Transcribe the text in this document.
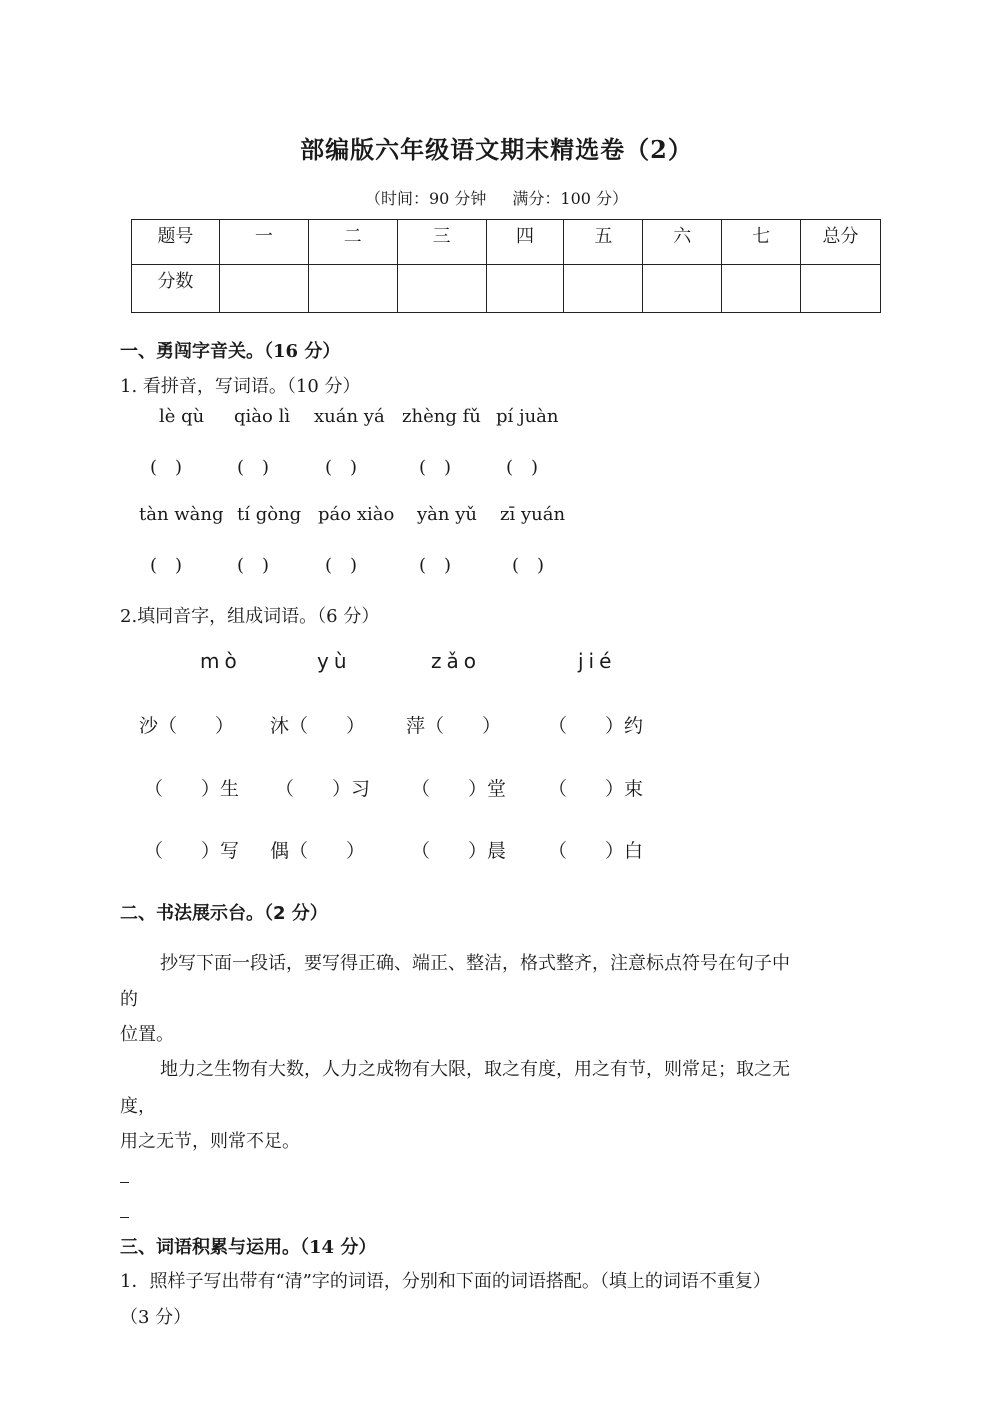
部编版六年级语文期末精选卷（2）
（时间：90 分钟 满分：100 分）
题号	一	二	三	四	五	六	七	总分
分数								
一、勇闯字音关。（16 分）
1. 看拼音，写词语。（10 分）
lè qù qiào lì xuán yá zhèng fǔ pí juàn
(　)	(　)	(　)	(　)	(　)
tàn wàng tí gòng páo xiào yàn yǔ zī yuán
(　)	(　)	(　)	(　)	(　)
2.填同音字，组成词语。（6 分）
mò	yù	zǎo	jié
沙（　　） 沐（　　） 萍（　　） （　　）约
（　　）生 （　　）习 （　　）堂 （　　）束
（　　）写 偶（　　） （　　）晨 （　　）白
二、书法展示台。（2 分）
抄写下面一段话，要写得正确、端正、整洁，格式整齐，注意标点符号在句子中
的
位置。
地力之生物有大数，人力之成物有大限，取之有度，用之有节，则常足；取之无
度，
用之无节，则常不足。
三、词语积累与运用。（14 分）
1．照样子写出带有“清”字的词语，分别和下面的词语搭配。（填上的词语不重复）
（3 分）
